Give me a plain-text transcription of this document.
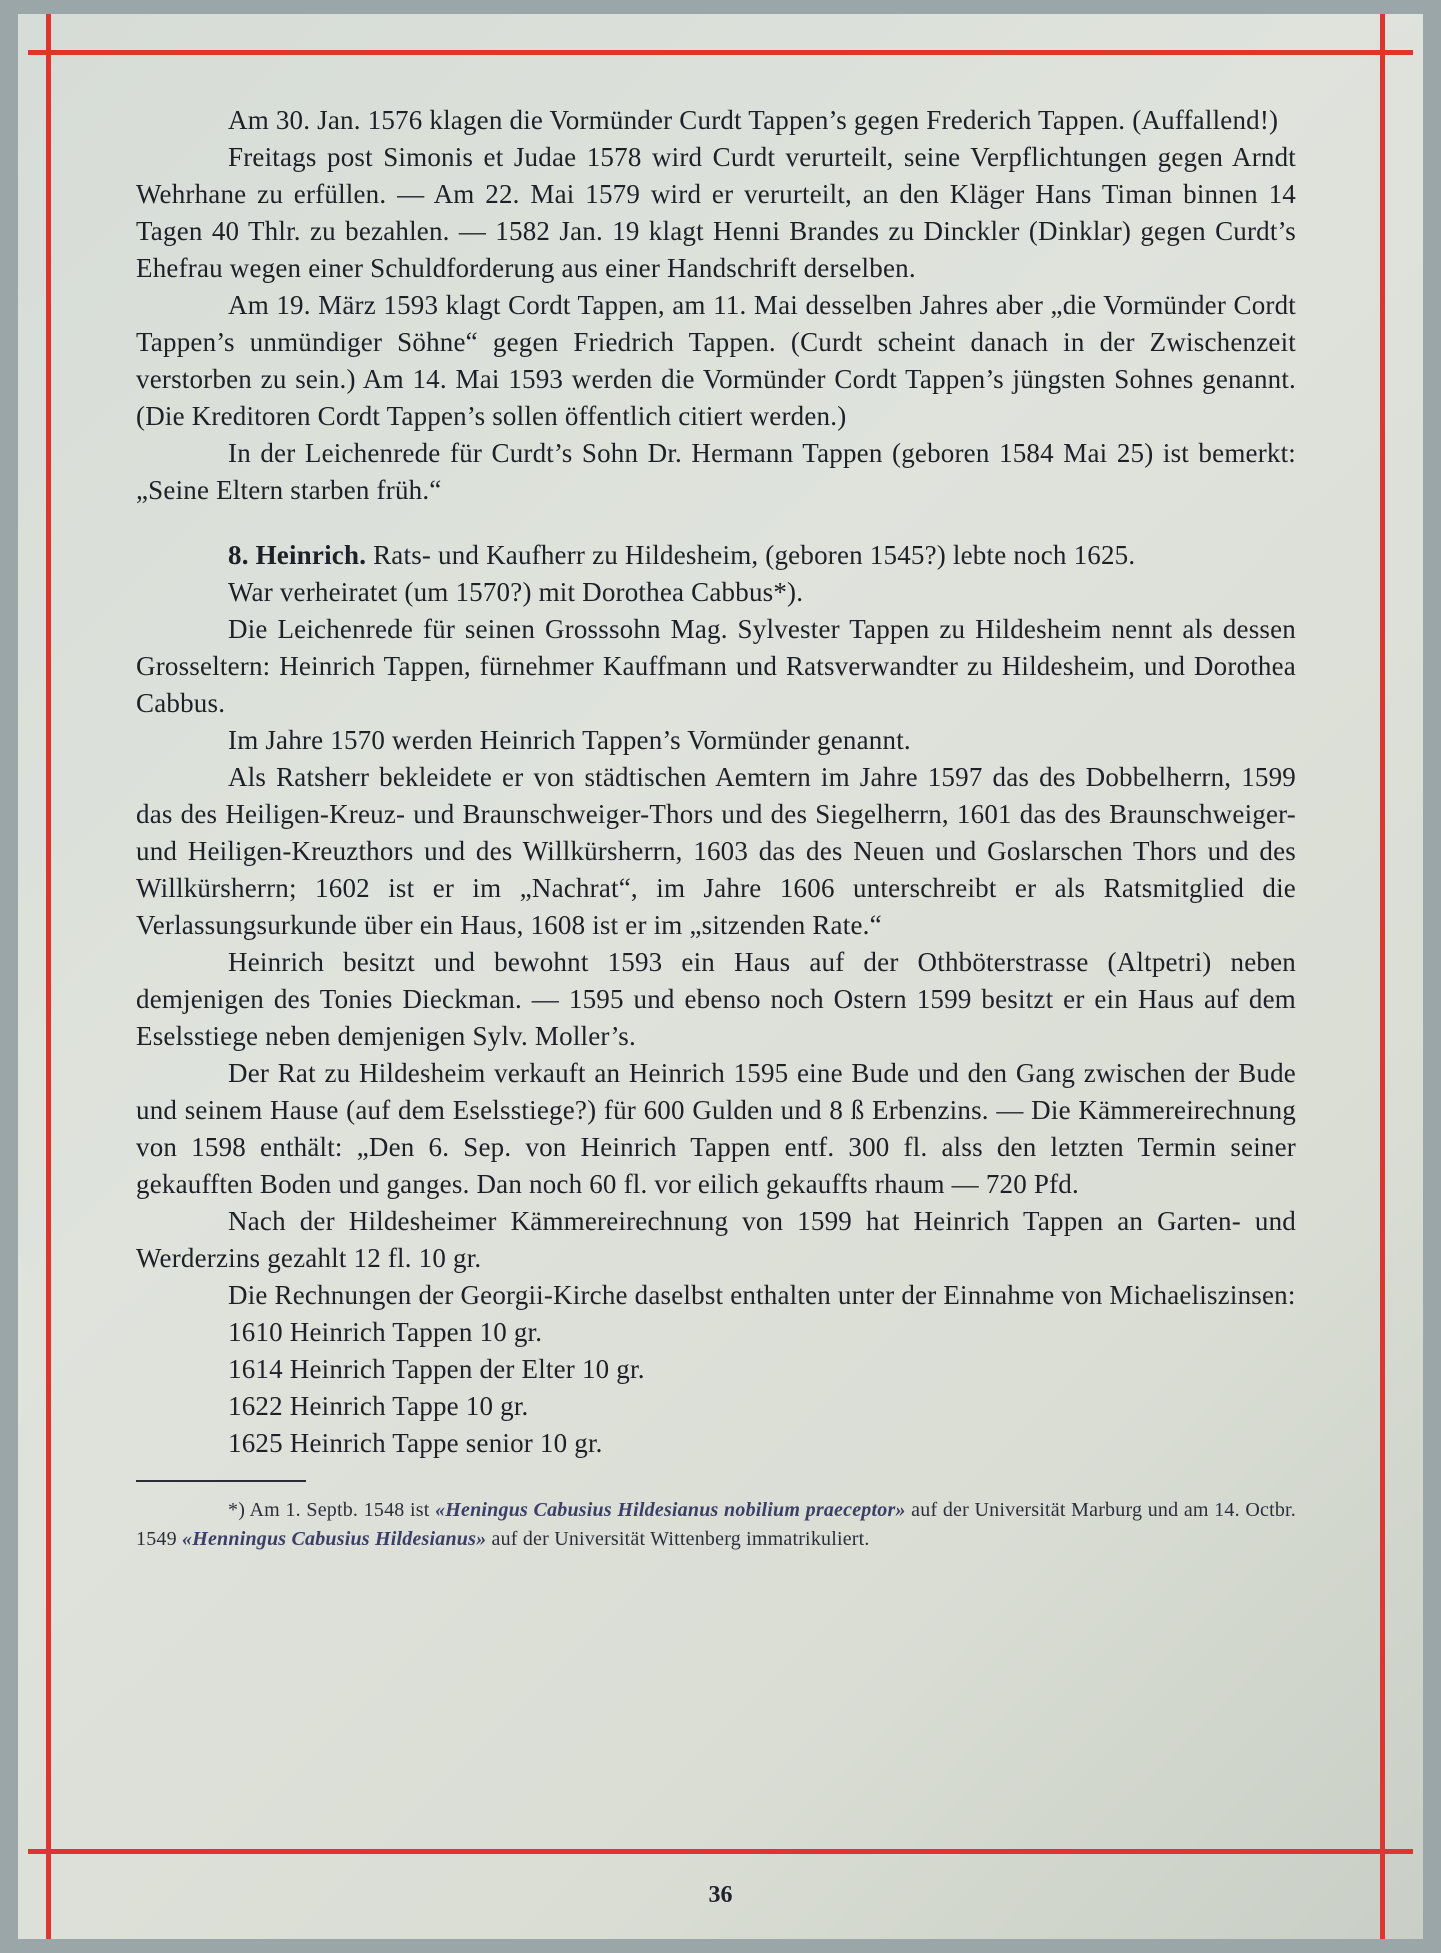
Am 30. Jan. 1576 klagen die Vormünder Curdt Tappen’s gegen Frederich Tappen. (Auffallend!)

Freitags post Simonis et Judae 1578 wird Curdt verurteilt, seine Verpflichtungen gegen Arndt Wehrhane zu erfüllen. — Am 22. Mai 1579 wird er verurteilt, an den Kläger Hans Timan binnen 14 Tagen 40 Thlr. zu bezahlen. — 1582 Jan. 19 klagt Henni Brandes zu Dinckler (Dinklar) gegen Curdt’s Ehefrau wegen einer Schuldforderung aus einer Handschrift derselben.

Am 19. März 1593 klagt Cordt Tappen, am 11. Mai desselben Jahres aber „die Vormünder Cordt Tappen’s unmündiger Söhne“ gegen Friedrich Tappen. (Curdt scheint danach in der Zwischenzeit verstorben zu sein.) Am 14. Mai 1593 werden die Vormünder Cordt Tappen’s jüngsten Sohnes genannt. (Die Kreditoren Cordt Tappen’s sollen öffentlich citiert werden.)

In der Leichenrede für Curdt’s Sohn Dr. Hermann Tappen (geboren 1584 Mai 25) ist bemerkt: „Seine Eltern starben früh.“

8. Heinrich. Rats- und Kaufherr zu Hildesheim, (geboren 1545?) lebte noch 1625.

War verheiratet (um 1570?) mit Dorothea Cabbus*).

Die Leichenrede für seinen Grosssohn Mag. Sylvester Tappen zu Hildesheim nennt als dessen Grosseltern: Heinrich Tappen, fürnehmer Kauffmann und Ratsverwandter zu Hildesheim, und Dorothea Cabbus.

Im Jahre 1570 werden Heinrich Tappen’s Vormünder genannt.

Als Ratsherr bekleidete er von städtischen Aemtern im Jahre 1597 das des Dobbelherrn, 1599 das des Heiligen-Kreuz- und Braunschweiger-Thors und des Siegelherrn, 1601 das des Braunschweiger- und Heiligen-Kreuzthors und des Willkürsherrn, 1603 das des Neuen und Goslarschen Thors und des Willkürsherrn; 1602 ist er im „Nachrat“, im Jahre 1606 unterschreibt er als Ratsmitglied die Verlassungsurkunde über ein Haus, 1608 ist er im „sitzenden Rate.“

Heinrich besitzt und bewohnt 1593 ein Haus auf der Othböterstrasse (Altpetri) neben demjenigen des Tonies Dieckman. — 1595 und ebenso noch Ostern 1599 besitzt er ein Haus auf dem Eselsstiege neben demjenigen Sylv. Moller’s.

Der Rat zu Hildesheim verkauft an Heinrich 1595 eine Bude und den Gang zwischen der Bude und seinem Hause (auf dem Eselsstiege?) für 600 Gulden und 8 ß Erbenzins. — Die Kämmereirechnung von 1598 enthält: „Den 6. Sep. von Heinrich Tappen entf. 300 fl. alss den letzten Termin seiner gekaufften Boden und ganges. Dan noch 60 fl. vor eilich gekauffts rhaum — 720 Pfd.

Nach der Hildesheimer Kämmereirechnung von 1599 hat Heinrich Tappen an Garten- und Werderzins gezahlt 12 fl. 10 gr.

Die Rechnungen der Georgii-Kirche daselbst enthalten unter der Einnahme von Michaeliszinsen:

1610 Heinrich Tappen 10 gr.
1614 Heinrich Tappen der Elter 10 gr.
1622 Heinrich Tappe 10 gr.
1625 Heinrich Tappe senior 10 gr.

*) Am 1. Septb. 1548 ist «Heningus Cabusius Hildesianus nobilium praeceptor» auf der Universität Marburg und am 14. Octbr. 1549 «Henningus Cabusius Hildesianus» auf der Universität Wittenberg immatrikuliert.

36
